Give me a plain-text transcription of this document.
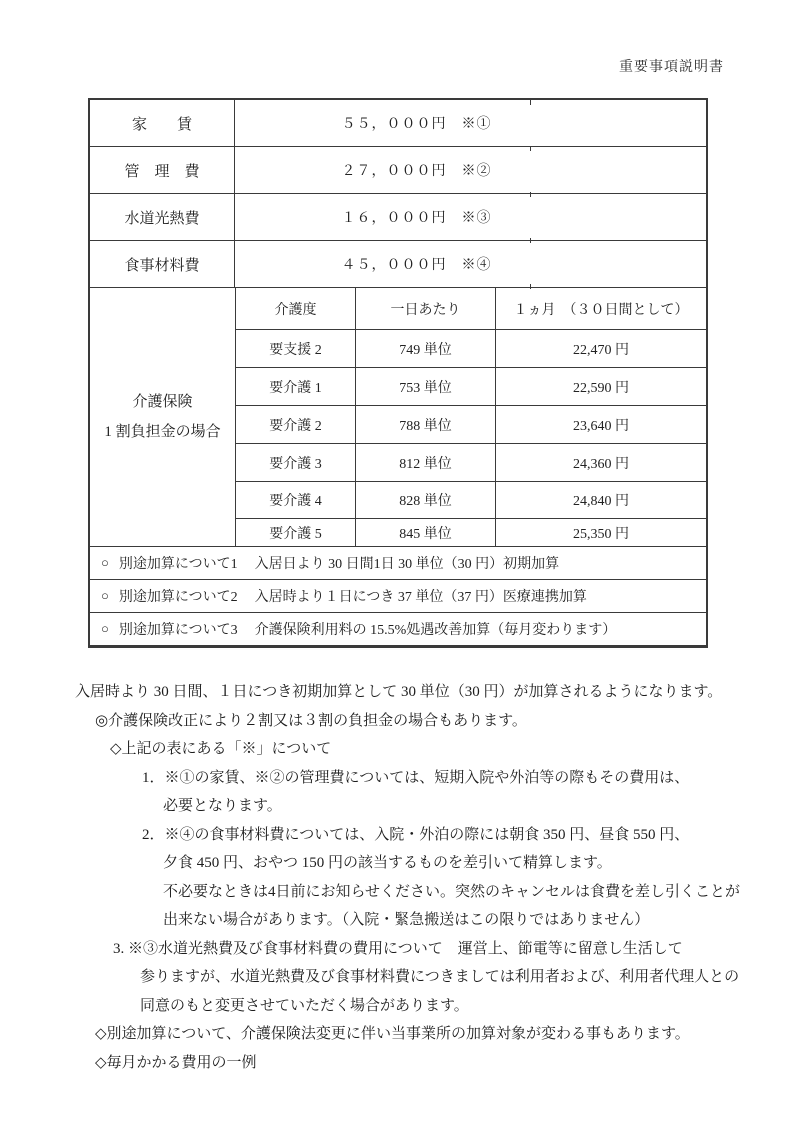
重要事項説明書
家　　賃	５５，０００円　※①
管　理　費	２７，０００円　※②
水道光熱費	１６，０００円　※③
食事材料費	４５，０００円　※④
介護保険
1 割負担金の場合
介護度	一日あたり	１ヵ月　（３０日間として）
要支援 2	749 単位	22,470 円
要介護 1	753 単位	22,590 円
要介護 2	788 単位	23,640 円
要介護 3	812 単位	24,360 円
要介護 4	828 単位	24,840 円
要介護 5	845 単位	25,350 円
○ 別途加算について1 入居日より 30 日間1日 30 単位（30 円）初期加算
○ 別途加算について2 入居時より１日につき 37 単位（37 円）医療連携加算
○ 別途加算について3 介護保険利用料の 15.5%処遇改善加算（毎月変わります）
入居時より 30 日間、１日につき初期加算として 30 単位（30 円）が加算されるようになります。
◎介護保険改正により２割又は３割の負担金の場合もあります。
◇上記の表にある「※」について
1．※①の家賃、※②の管理費については、短期入院や外泊等の際もその費用は、
必要となります。
2．※④の食事材料費については、入院・外泊の際には朝食 350 円、昼食 550 円、
夕食 450 円、おやつ 150 円の該当するものを差引いて精算します。
不必要なときは4日前にお知らせください。突然のキャンセルは食費を差し引くことが
出来ない場合があります。（入院・緊急搬送はこの限りではありません）
3. ※③水道光熱費及び食事材料費の費用について　運営上、節電等に留意し生活して
参りますが、水道光熱費及び食事材料費につきましては利用者および、利用者代理人との
同意のもと変更させていただく場合があります。
◇別途加算について、介護保険法変更に伴い当事業所の加算対象が変わる事もあります。
◇毎月かかる費用の一例
